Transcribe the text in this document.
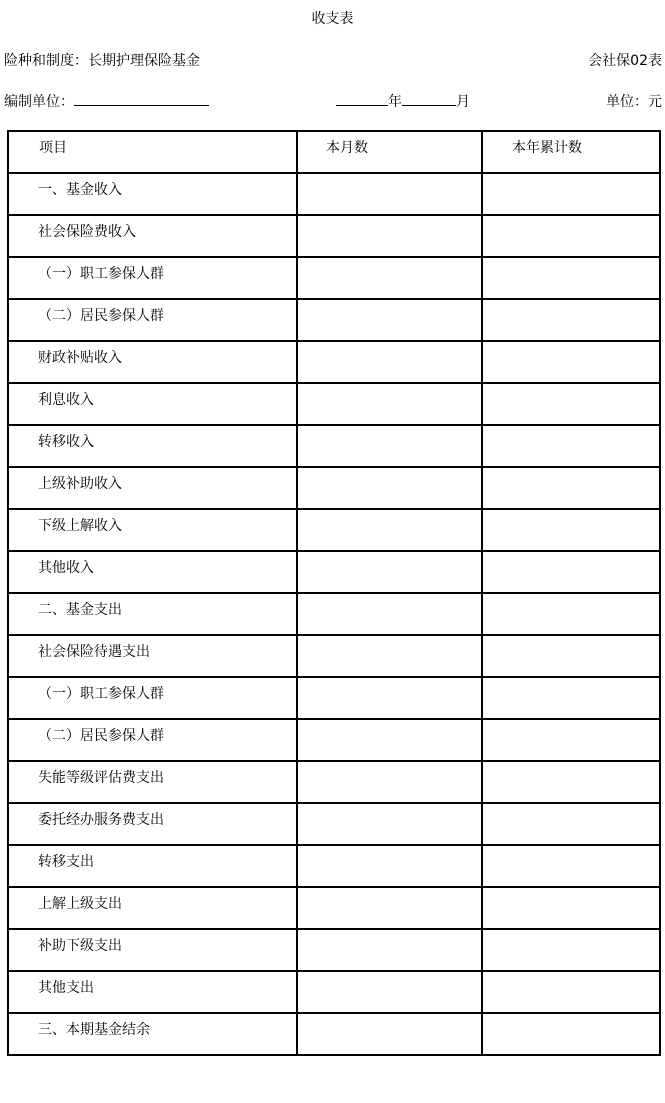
收支表
险种和制度：长期护理保险基金	会社保02表
编制单位：	年	月	单位：元
项目	本月数	本年累计数

一、基金收入		

社会保险费收入		

（一）职工参保人群		

（二）居民参保人群		

财政补贴收入		

利息收入		

转移收入		

上级补助收入		

下级上解收入		

其他收入		

二、基金支出		

社会保险待遇支出		

（一）职工参保人群		

（二）居民参保人群		

失能等级评估费支出		

委托经办服务费支出		

转移支出		

上解上级支出		

补助下级支出		

其他支出		

三、本期基金结余		
